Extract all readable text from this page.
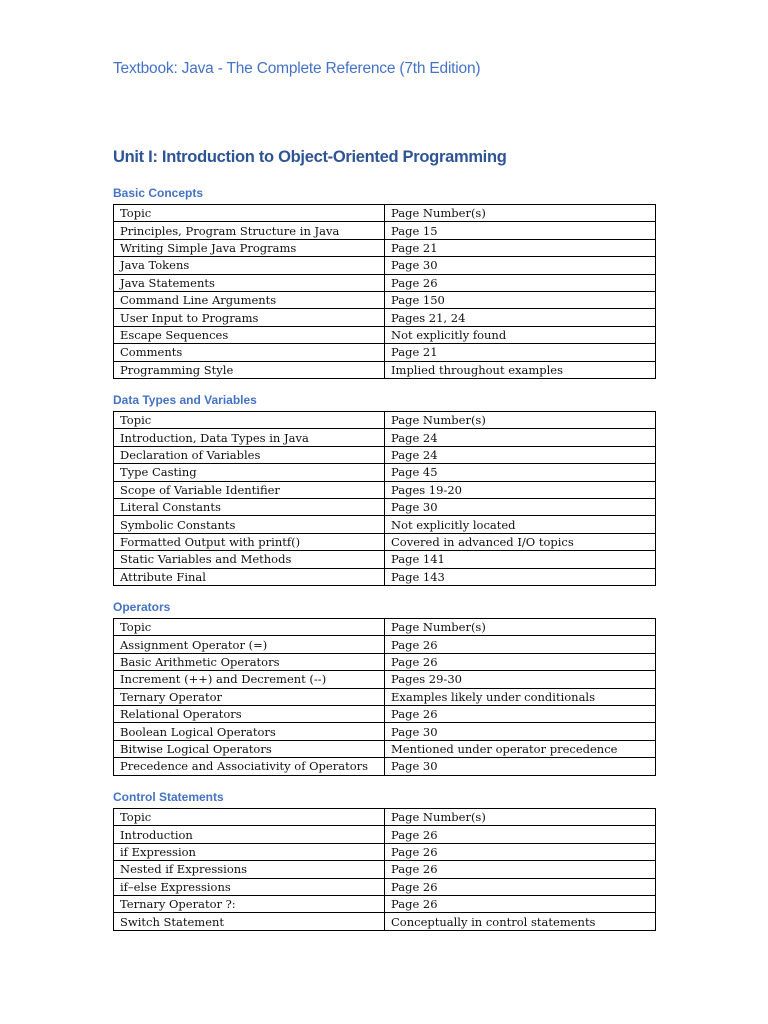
Textbook: Java - The Complete Reference (7th Edition)
Unit I: Introduction to Object-Oriented Programming
Basic Concepts
Topic	Page Number(s)
Principles, Program Structure in Java	Page 15
Writing Simple Java Programs	Page 21
Java Tokens	Page 30
Java Statements	Page 26
Command Line Arguments	Page 150
User Input to Programs	Pages 21, 24
Escape Sequences	Not explicitly found
Comments	Page 21
Programming Style	Implied throughout examples
Data Types and Variables
Topic	Page Number(s)
Introduction, Data Types in Java	Page 24
Declaration of Variables	Page 24
Type Casting	Page 45
Scope of Variable Identifier	Pages 19-20
Literal Constants	Page 30
Symbolic Constants	Not explicitly located
Formatted Output with printf()	Covered in advanced I/O topics
Static Variables and Methods	Page 141
Attribute Final	Page 143
Operators
Topic	Page Number(s)
Assignment Operator (=)	Page 26
Basic Arithmetic Operators	Page 26
Increment (++) and Decrement (--)	Pages 29-30
Ternary Operator	Examples likely under conditionals
Relational Operators	Page 26
Boolean Logical Operators	Page 30
Bitwise Logical Operators	Mentioned under operator precedence
Precedence and Associativity of Operators	Page 30
Control Statements
Topic	Page Number(s)
Introduction	Page 26
if Expression	Page 26
Nested if Expressions	Page 26
if–else Expressions	Page 26
Ternary Operator ?:	Page 26
Switch Statement	Conceptually in control statements
